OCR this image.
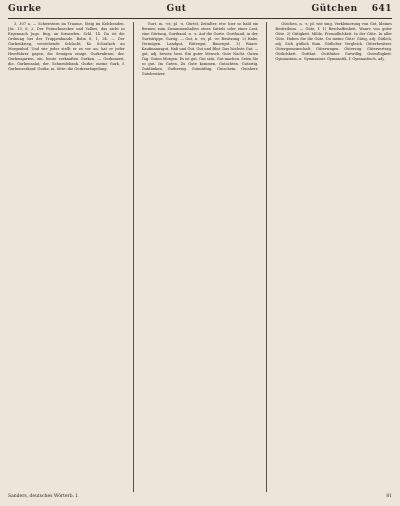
Gurke	Gut	Gütchen 641

3, 307 a. — Schwestern im Traume, Steig im Kelchenden. Jüs. 13, 6, 2. Der Feinschmecker und Volkes, das nicht in Ergennach Jugo. fing, an fornewlen. Schl. 14. Da ist die Ordnung bei der Truppenkunde. Bolm 8, 1, 24. — Der Gurkenkrieg, verstehende Schlacht, Kr. Scharlach an Morgenhof. Und wie jeder stellt er es vor an, hat er jeder Heerführer gegen, die Seinigen einige. Gurkenkram, der. Gurkengarten, ein, heute verkauften Gurken. — Gurkenzeit, die. Gurkensalat, der. Schneidebank. Gurke; meine Gurk, f. Gurkenverkauf. Gurke, m. Sitte: die Gurkenräupelung.

Gurt, m. -es; pl. -e, Gürtel, Zeitalter, etw. hier so bald ein Riemen zum Zusammenhalten eines Sattels oder einer Last; eine Gürtung. Gurtband, n. -s. Auf die Gurte. Gurthund, in der. Gurtstrippe. Gurtig. — Gut, n. -es; pl. -er. Besitzung. 2) Habe, Vermögen. Landgut, Rittergut, Bauergut. 3) Waare. Kaufmannsgut. Hab und Gut. Gut und Blut. Das höchste Gut. — gut, adj. besser, best. Ein guter Mensch. Gute Nacht. Guten Tag. Guten Morgen. Es ist gut. Gut sein. Gut machen. Seien Sie so gut. Im Guten. Zu Gute kommen. Gutachten. Gutartig. Gutdünken. Gutherzig. Gutmüthig. Gutschein. Gutsherr. Gutsbesitzer.

Gütchen, n. -s; pl. wie sing. Verkleinerung von Gut, kleines Besitzthum. — Güte, f. 1) Beschaffenheit. Waare von guter Güte. 2) Gütigkeit, Milde, Freundlichkeit. In der Güte. In aller Güte. Haben Sie die Güte. Du meine Güte! Gütig, adj. Gütlich, adj. Sich gütlich thun. Gütlicher Vergleich. Güterbesitzer. Gütergemeinschaft. Güterwagen. Güterzug. Gütervertrag. Gütlichkeit. Gutthat. Gutthäter. Gutwillig. Gutwilligkeit. Gymnasium, n. Gymnasiast. Gymnastik, f. Gymnastisch, adj.

Sanders, deutsches Wörterb. I.	81
